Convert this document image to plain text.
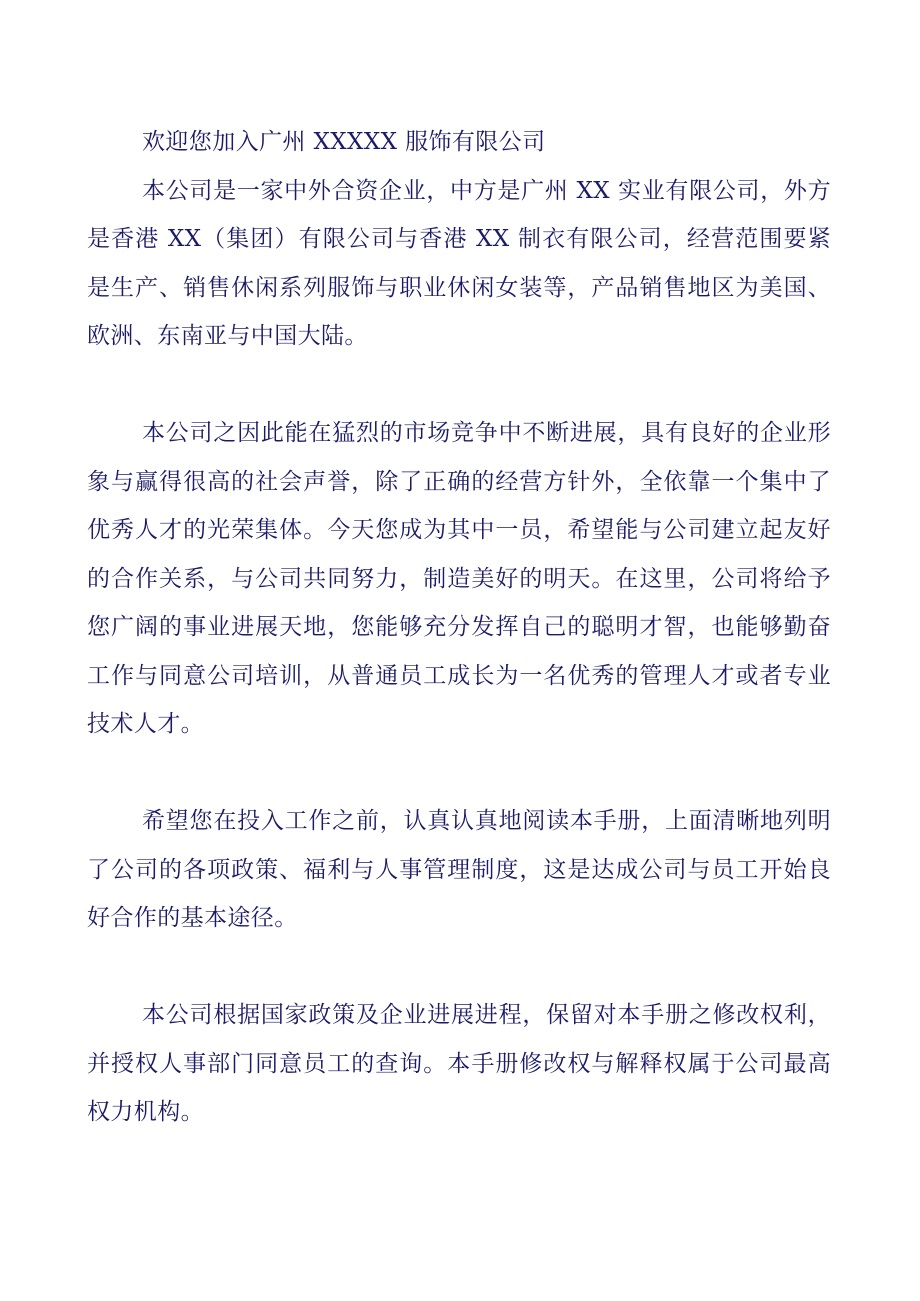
欢迎您加入广州 XXXXX 服饰有限公司

本公司是一家中外合资企业，中方是广州 XX 实业有限公司，外方是香港 XX（集团）有限公司与香港 XX 制衣有限公司，经营范围要紧是生产、销售休闲系列服饰与职业休闲女装等，产品销售地区为美国、欧洲、东南亚与中国大陆。

本公司之因此能在猛烈的市场竞争中不断进展，具有良好的企业形象与赢得很高的社会声誉，除了正确的经营方针外，全依靠一个集中了优秀人才的光荣集体。今天您成为其中一员，希望能与公司建立起友好的合作关系，与公司共同努力，制造美好的明天。在这里，公司将给予您广阔的事业进展天地，您能够充分发挥自己的聪明才智，也能够勤奋工作与同意公司培训，从普通员工成长为一名优秀的管理人才或者专业技术人才。

希望您在投入工作之前，认真认真地阅读本手册，上面清晰地列明了公司的各项政策、福利与人事管理制度，这是达成公司与员工开始良好合作的基本途径。

本公司根据国家政策及企业进展进程，保留对本手册之修改权利，并授权人事部门同意员工的查询。本手册修改权与解释权属于公司最高权力机构。
